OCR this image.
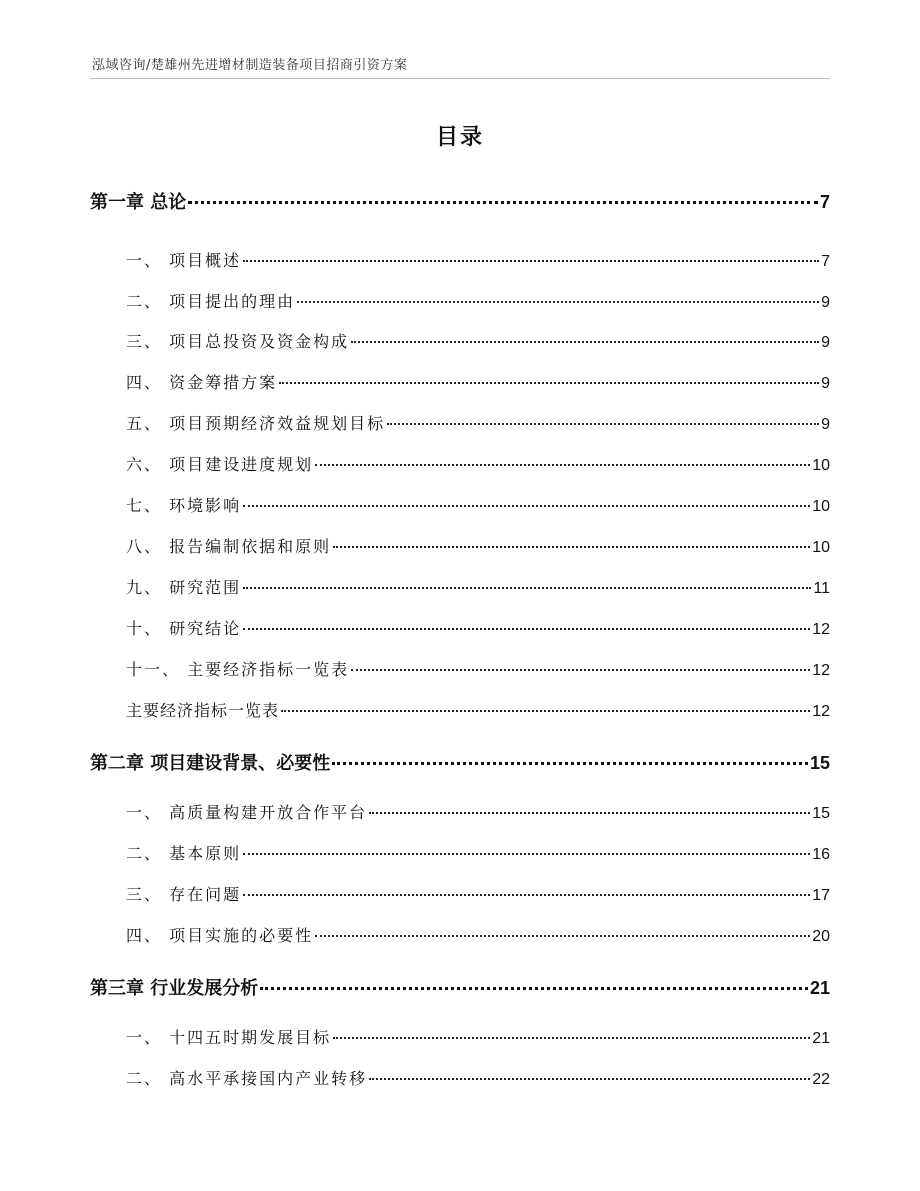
泓域咨询/楚雄州先进增材制造装备项目招商引资方案
目录
第一章 总论	7
一、 项目概述	7
二、 项目提出的理由	9
三、 项目总投资及资金构成	9
四、 资金筹措方案	9
五、 项目预期经济效益规划目标	9
六、 项目建设进度规划	10
七、 环境影响	10
八、 报告编制依据和原则	10
九、 研究范围	11
十、 研究结论	12
十一、 主要经济指标一览表	12
主要经济指标一览表	12
第二章 项目建设背景、必要性	15
一、 高质量构建开放合作平台	15
二、 基本原则	16
三、 存在问题	17
四、 项目实施的必要性	20
第三章 行业发展分析	21
一、 十四五时期发展目标	21
二、 高水平承接国内产业转移	22
